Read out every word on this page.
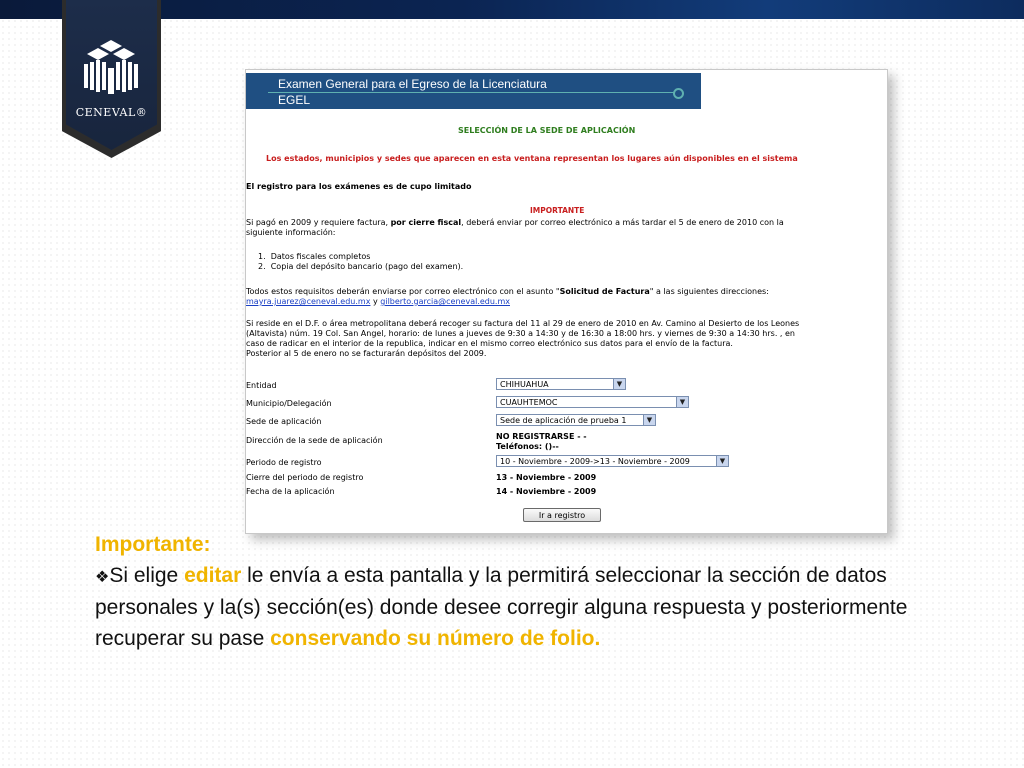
CENEVAL®
Examen General para el Egreso de la Licenciatura
EGEL
SELECCIÓN DE LA SEDE DE APLICACIÓN
Los estados, municipios y sedes que aparecen en esta ventana representan los lugares aún disponibles en el sistema
El registro para los exámenes es de cupo limitado
IMPORTANTE
Si pagó en 2009 y requiere factura, por cierre fiscal, deberá enviar por correo electrónico a más tardar el 5 de enero de 2010 con la
siguiente información:
1.  Datos fiscales completos
2.  Copia del depósito bancario (pago del examen).
Todos estos requisitos deberán enviarse por correo electrónico con el asunto "Solicitud de Factura" a las siguientes direcciones:
mayra.juarez@ceneval.edu.mx y gilberto.garcia@ceneval.edu.mx
Si reside en el D.F. o área metropolitana deberá recoger su factura del 11 al 29 de enero de 2010 en Av. Camino al Desierto de los Leones
(Altavista) núm. 19 Col. San Angel, horario: de lunes a jueves de 9:30 a 14:30 y de 16:30 a 18:00 hrs. y viernes de 9:30 a 14:30 hrs. , en
caso de radicar en el interior de la republica, indicar en el mismo correo electrónico sus datos para el envío de la factura.
Posterior al 5 de enero no se facturarán depósitos del 2009.
Entidad	CHIHUAHUA	▼
Municipio/Delegación	CUAUHTEMOC	▼
Sede de aplicación	Sede de aplicación de prueba 1	▼
Dirección de la sede de aplicación	NO REGISTRARSE - -
Teléfonos: ()--
Periodo de registro	10 - Noviembre - 2009->13 - Noviembre - 2009	▼
Cierre del periodo de registro	13 - Noviembre - 2009
Fecha de la aplicación	14 - Noviembre - 2009
Ir a registro
Importante:
❖Si elige editar le envía a esta pantalla y la permitirá seleccionar la sección de datos personales y la(s) sección(es) donde desee corregir alguna respuesta y posteriormente recuperar su pase conservando su número de folio.
